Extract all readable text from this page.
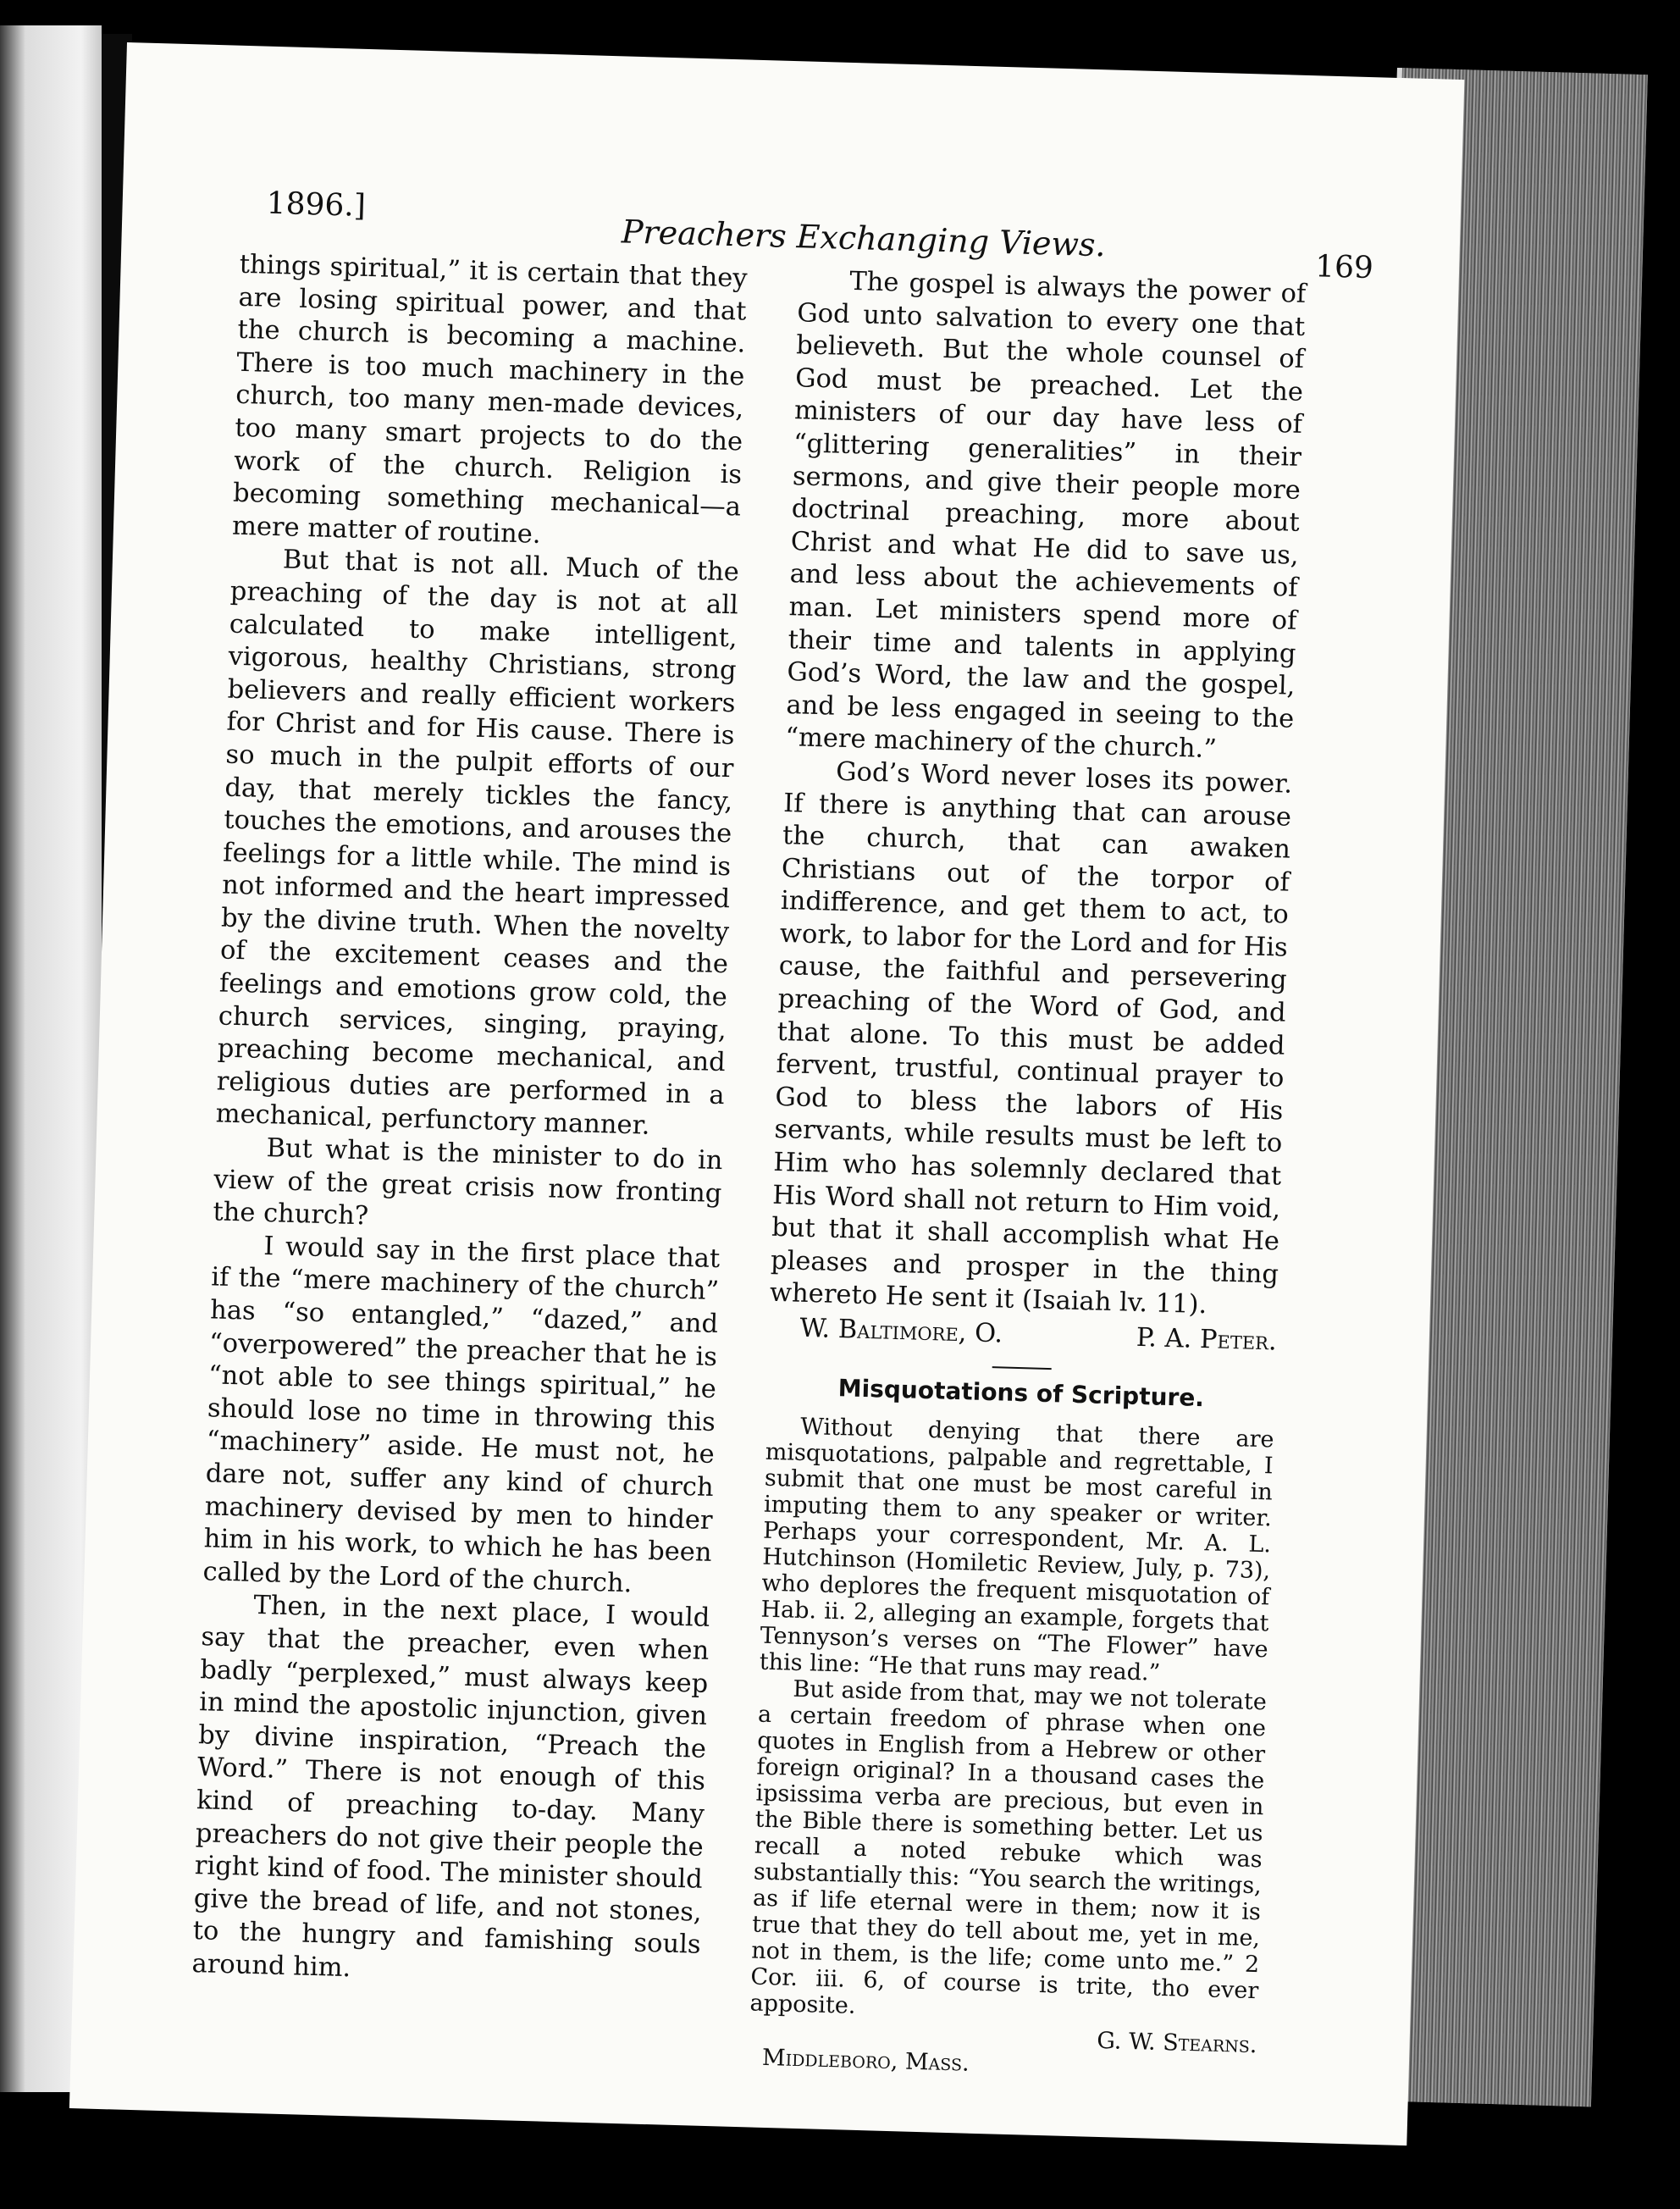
1896.]
Preachers Exchanging Views.
169

things spiritual,” it is certain that they are losing spiritual power, and that the church is becoming a machine. There is too much machinery in the church, too many men-made devices, too many smart projects to do the work of the church. Religion is becoming something mechanical—a mere matter of routine.

But that is not all. Much of the preaching of the day is not at all calculated to make intelligent, vigorous, healthy Christians, strong believers and really efficient workers for Christ and for His cause. There is so much in the pulpit efforts of our day, that merely tickles the fancy, touches the emotions, and arouses the feelings for a little while. The mind is not informed and the heart impressed by the divine truth. When the novelty of the excitement ceases and the feelings and emotions grow cold, the church services, singing, praying, preaching become mechanical, and religious duties are performed in a mechanical, perfunctory manner.

But what is the minister to do in view of the great crisis now fronting the church?

I would say in the first place that if the “mere machinery of the church” has “so entangled,” “dazed,” and “overpowered” the preacher that he is “not able to see things spiritual,” he should lose no time in throwing this “machinery” aside. He must not, he dare not, suffer any kind of church machinery devised by men to hinder him in his work, to which he has been called by the Lord of the church.

Then, in the next place, I would say that the preacher, even when badly “perplexed,” must always keep in mind the apostolic injunction, given by divine inspiration, “Preach the Word.” There is not enough of this kind of preaching to-day. Many preachers do not give their people the right kind of food. The minister should give the bread of life, and not stones, to the hungry and famishing souls around him.

The gospel is always the power of God unto salvation to every one that believeth. But the whole counsel of God must be preached. Let the ministers of our day have less of “glittering generalities” in their sermons, and give their people more doctrinal preaching, more about Christ and what He did to save us, and less about the achievements of man. Let ministers spend more of their time and talents in applying God’s Word, the law and the gospel, and be less engaged in seeing to the “mere machinery of the church.”

God’s Word never loses its power. If there is anything that can arouse the church, that can awaken Christians out of the torpor of indifference, and get them to act, to work, to labor for the Lord and for His cause, the faithful and persevering preaching of the Word of God, and that alone. To this must be added fervent, trustful, continual prayer to God to bless the labors of His servants, while results must be left to Him who has solemnly declared that His Word shall not return to Him void, but that it shall accomplish what He pleases and prosper in the thing whereto He sent it (Isaiah lv. 11).

W. Baltimore, O.	P. A. Peter.
Misquotations of Scripture.

Without denying that there are misquotations, palpable and regrettable, I submit that one must be most careful in imputing them to any speaker or writer. Perhaps your correspondent, Mr. A. L. Hutchinson (Homiletic Review, July, p. 73), who deplores the frequent misquotation of Hab. ii. 2, alleging an example, forgets that Tennyson’s verses on “The Flower” have this line: “He that runs may read.”

But aside from that, may we not tolerate a certain freedom of phrase when one quotes in English from a Hebrew or other foreign original? In a thousand cases the ipsissima verba are precious, but even in the Bible there is something better. Let us recall a noted rebuke which was substantially this: “You search the writings, as if life eternal were in them; now it is true that they do tell about me, yet in me, not in them, is the life; come unto me.” 2 Cor. iii. 6, of course is trite, tho ever apposite.

G. W. Stearns.
Middleboro, Mass.
